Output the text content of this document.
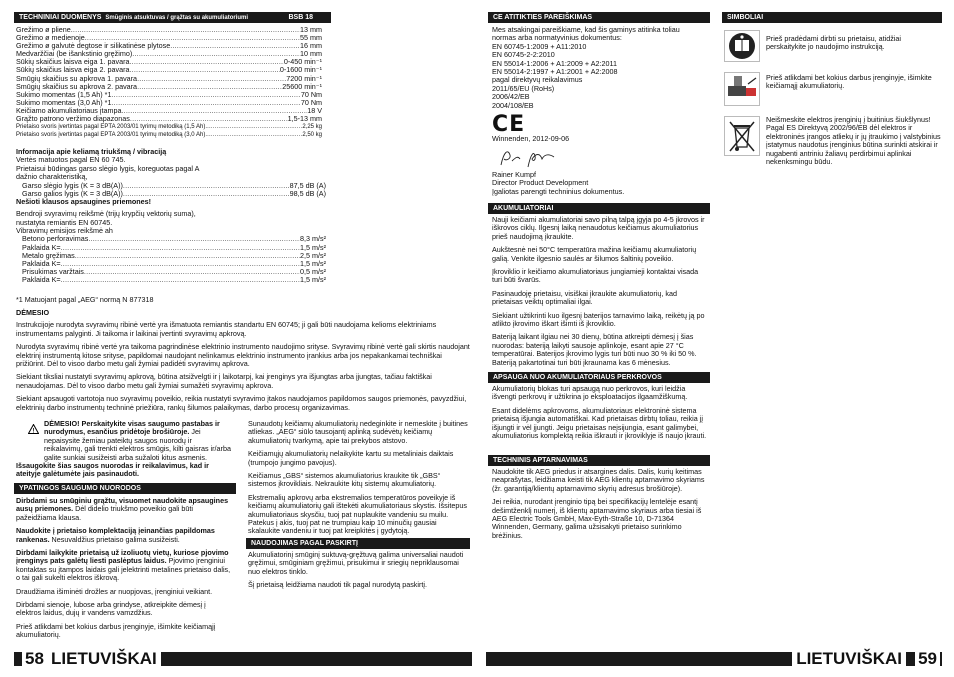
TECHNINIAI DUOMENYS Smūginis atsuktuvas / grąžtas su akumuliatoriumi	BSB 18
Grežimo ø pliene .....	13 mm
Grežimo ø medienoje .....	55 mm
Grežimo ø galvutė degtose ir silikatinėse plytose .....	16 mm
Medvaržčiai (be išankstinio gręžimo) .....	10 mm
Sūkių skaičius laisva eiga 1. pavara .....	0-450 min⁻¹
Sūkių skaičius laisva eiga 2. pavara .....	0-1600 min⁻¹
Smūgių skaičius su apkrova 1. pavara .....	7200 min⁻¹
Smūgių skaičius su apkrova 2. pavara .....	25600 min⁻¹
Sukimo momentas (1,5 Ah) *1 .....	70 Nm
Sukimo momentas (3,0 Ah) *1 .....	70 Nm
Keičiamo akumuliatoriaus įtampa .....	18 V
Grąžto patrono veržimo diapazonas .....	1,5-13 mm
Prietaiso svoris įvertintas pagal EPTA 2003/01 tyrimų metodiką (1,5 Ah) .....	2,25 kg
Prietaiso svoris įvertintas pagal EPTA 2003/01 tyrimų metodiką (3,0 Ah) .....	2,50 kg
Informacija apie keliamą triukšmą / vibraciją
Vertės matuotos pagal EN 60 745.
Prietaisui būdingas garso slėgio lygis, koreguotas pagal A
dažnio charakteristiką,
Garso slėgio lygis (K = 3 dB(A)) .....	87,5 dB (A)
Garso galios lygis (K = 3 dB(A)) .....	98,5 dB (A)
Nešioti klausos apsaugines priemones!
Bendroji svyravimų reikšmė (trijų krypčių vektorių suma),
nustatyta remiantis EN 60745.
Vibravimų emisijos reikšmė ah
Betono perforavimas .....	8,3 m/s²
Paklaida K= .....	1,5 m/s²
Metalo gręžimas .....	2,5 m/s²
Paklaida K= .....	1,5 m/s²
Prisukimas varžtais .....	0,5 m/s²
Paklaida K= .....	1,5 m/s²
*1 Matuojant pagal „AEG“ normą N 877318
DĖMESIO
Instrukcijoje nurodyta svyravimų ribinė vertė yra išmatuota remiantis standartu EN 60745; ji gali būti naudojama kelioms elektriniams instrumentams palyginti. Ji taikoma ir laikinai įvertinti svyravimų apkrovą.
Nurodyta svyravimų ribinė vertė yra taikoma pagrindinėse elektrinio instrumento naudojimo srityse. Svyravimų ribinė vertė gali skirtis naudojant elektrinį instrumentą kitose srityse, papildomai naudojant nelinkamus elektrinio instrumento įrankius arba jos nepakankamai techniškai prižiūrint. Dėl to visoo darbo metu gali žymiai padidėti svyravimų apkrova.
Siekiant tiksliai nustatyti svyravimų apkrovą, būtina atsižvelgti ir į laikotarpį, kai įrenginys yra išjungtas arba įjungtas, tačiau faktiškai nenaudojamas. Dėl to visoo darbo metu gali žymiai sumažėti svyravimų apkrova.
Siekiant apsaugoti vartotoja nuo svyravimų poveikio, reikia nustatyti svyravimo įtakos naudojamos papildomos saugos priemonės, pavyzdžiui, elektrinių darbo instrumentų techninė priežiūra, rankų šilumos palaikymas, darbo procesų organizavimas.
DĖMESIO! Perskaitykite visas saugumo pastabas ir nurodymus, esančius pridėtoje brošiūroje. Jei nepaisysite žemiau pateiktų saugos nuorodų ir reikalavimų, gali trenkti elektros smūgis, kilti gaisras ir/arba galite sunkiai susižeisti arba sužaloti kitus asmenis.
Išsaugokite šias saugos nuorodas ir reikalavimus, kad ir ateityje galėtumėte jais pasinaudoti.
!
YPATINGOS SAUGUMO NUORODOS
Dirbdami su smūginiu grąžtu, visuomet naudokite apsaugines ausų priemones. Dėl didelio triukšmo poveikio gali būti pažeidžiama klausa.
Naudokite į prietaiso komplektaciją įeinančias papildomas rankenas. Nesuvaldžius prietaiso galima susižeisti.
Dirbdami laikykite prietaisą už izoliuotų vietų, kuriose pjovimo įrenginys pats galėtų liesti paslėptus laidus. Pjovimo įrenginiui kontaktas su įtampos laidais gali jelektrinti metalines prietaiso dalis, o tai gali sukelti elektros iškrovą.
Draudžiama išiminėti drožles ar nuopjovas, įrenginiui veikiant.
Dirbdami sienoje, lubose arba grindyse, atkreipkite dėmesį į elektros laidus, dujų ir vandens vamzdžius.
Prieš atlikdami bet kokius darbus įrenginyje, išimkite keičiamąjį akumuliatorių.
Sunaudotų keičiamų akumuliatorių nedeginkite ir nemeskite į buitines atliekas. „AEG“ siūlo tausojantį aplinką sudėvėtų keičiamų akumuliatorių tvarkymą, apie tai prekybos atstovo.
Keičiamųjų akumuliatorių nelaikykite kartu su metaliniais daiktais (trumpojo jungimo pavojus).
Keičiamus „GBS“ sistemos akumuliatorius kraukite tik „GBS“ sistemos įkrovikliais. Nekraukite kitų sistemų akumuliatorių.
Ekstremalių apkrovų arba ekstremalios temperatūros poveikyje iš keičiamų akumuliatorių gali ištekėti akumuliatoriaus skystis. Išsitepus akumuliatoriaus skysčiu, tuoj pat nuplaukite vandeniu su muilu. Patekus į akis, tuoj pat ne trumpiau kaip 10 minučių gausiai skalaukite vandeniu ir tuoj pat kreipkitės į gydytoją.
NAUDOJIMAS PAGAL PASKIRTĮ
Akumuliatorinį smūginį suktuvą-gręžtuvą galima universaliai naudoti gręžimui, smūginiam gręžimui, prisukimui ir sriegių nepriklausomai nuo elektros tinklo.
Šį prietaisą leidžiama naudoti tik pagal nurodytą paskirtį.
58 LIETUVIŠKAI
CE ATITIKTIES PAREIŠKIMAS
Mes atsakingai pareiškiame, kad šis gaminys atitinka toliau
normas arba normatyvinius dokumentus:
EN 60745-1:2009 + A11:2010
EN 60745-2-2:2010
EN 55014-1:2006 + A1:2009 + A2:2011
EN 55014-2:1997 + A1:2001 + A2:2008
pagal direktyvų reikalavimus
2011/65/EU (RoHs)
2006/42/EB
2004/108/EB
CE
Winnenden, 2012-09-06
Rainer Kumpf
Director Product Development
Įgaliotas parengti techninius dokumentus.
AKUMULIATORIAI
Nauji keičiami akumuliatoriai savo pilną talpą įgyja po 4-5 įkrovos ir iškrovos ciklų. Ilgesnį laiką nenaudotus keičiamus akumuliatorius prieš naudojimą įkraukite.
Aukštesnė nei 50°C temperatūra mažina keičiamų akumuliatorių galią. Venkite ilgesnio saulės ar šilumos šaltinių poveikio.
Įkroviklio ir keičiamo akumuliatoriaus jungiamieji kontaktai visada turi būti švarūs.
Pasinaudoję prietaisu, visiškai įkraukite akumuliatorių, kad prietaisas veiktų optimaliai ilgai.
Siekiant užtikrinti kuo ilgesnį baterijos tarnavimo laiką, reikėtų ją po atlikto įkrovimo iškart išimti iš įkroviklio.
Bateriją laikant ilgiau nei 30 dienų, būtina atkreipti dėmesį į šias nuorodas: bateriją laikyti sausoje aplinkoje, esant apie 27 °C temperatūrai. Baterijos įkrovimo lygis turi būti nuo 30 % iki 50 %. Bateriją pakartotinai turi būti įkraunama kas 6 mėnesius.
APSAUGA NUO AKUMULIATORIAUS PERKROVOS
Akumuliatorių blokas turi apsaugą nuo perkrovos, kuri leidžia išvengti perkrovų ir užtikrina jo eksploatacijos ilgaamžiškumą.
Esant didelėms apkrovoms, akumuliatoriaus elektroninė sistema prietaisą išjungia automatiškai. Kad prietaisas dirbtų toliau, reikia jį išjungti ir vėl įjungti. Jeigu prietaisas neįsijungia, esant galimybei, akumuliatorius komplektą reikia iškrauti ir įkroviklyje iš naujo įkrauti.
TECHNINIS APTARNAVIMAS
Naudokite tik AEG priedus ir atsargines dalis. Dalis, kurių keitimas neaprašytas, leidžiama keisti tik AEG klientų aptarnavimo skyriams (žr. garantiją/klientų aptarnavimo skyrių adresus brošiūroje).
Jei reikia, nurodant įrenginio tipą bei specifikacijų lentelėje esantį dešimtženklį numerį, iš klientų aptarnavimo skyriaus arba tiesiai iš AEG Electric Tools GmbH, Max-Eyth-Straße 10, D-71364 Winnenden, Germany, galima užsisakyti prietaiso surinkimo brėžinius.
SIMBOLIAI
Prieš pradėdami dirbti su prietaisu, atidžiai perskaitykite jo naudojimo instrukciją.
Prieš atlikdami bet kokius darbus įrenginyje, išimkite keičiamąjį akumuliatorių.
Neišmeskite elektros įrenginių į buitinius šiukšlynus! Pagal ES Direktyvą 2002/96/EB dėl elektros ir elektroninės įrangos atliekų ir jų įtraukimo į valstybinius įstatymus naudotus įrenginius būtina surinkti atskirai ir nugabenti antriniu žaliavų perdirbimui aplinkai nekenksmingu būdu.
LIETUVIŠKAI 59
